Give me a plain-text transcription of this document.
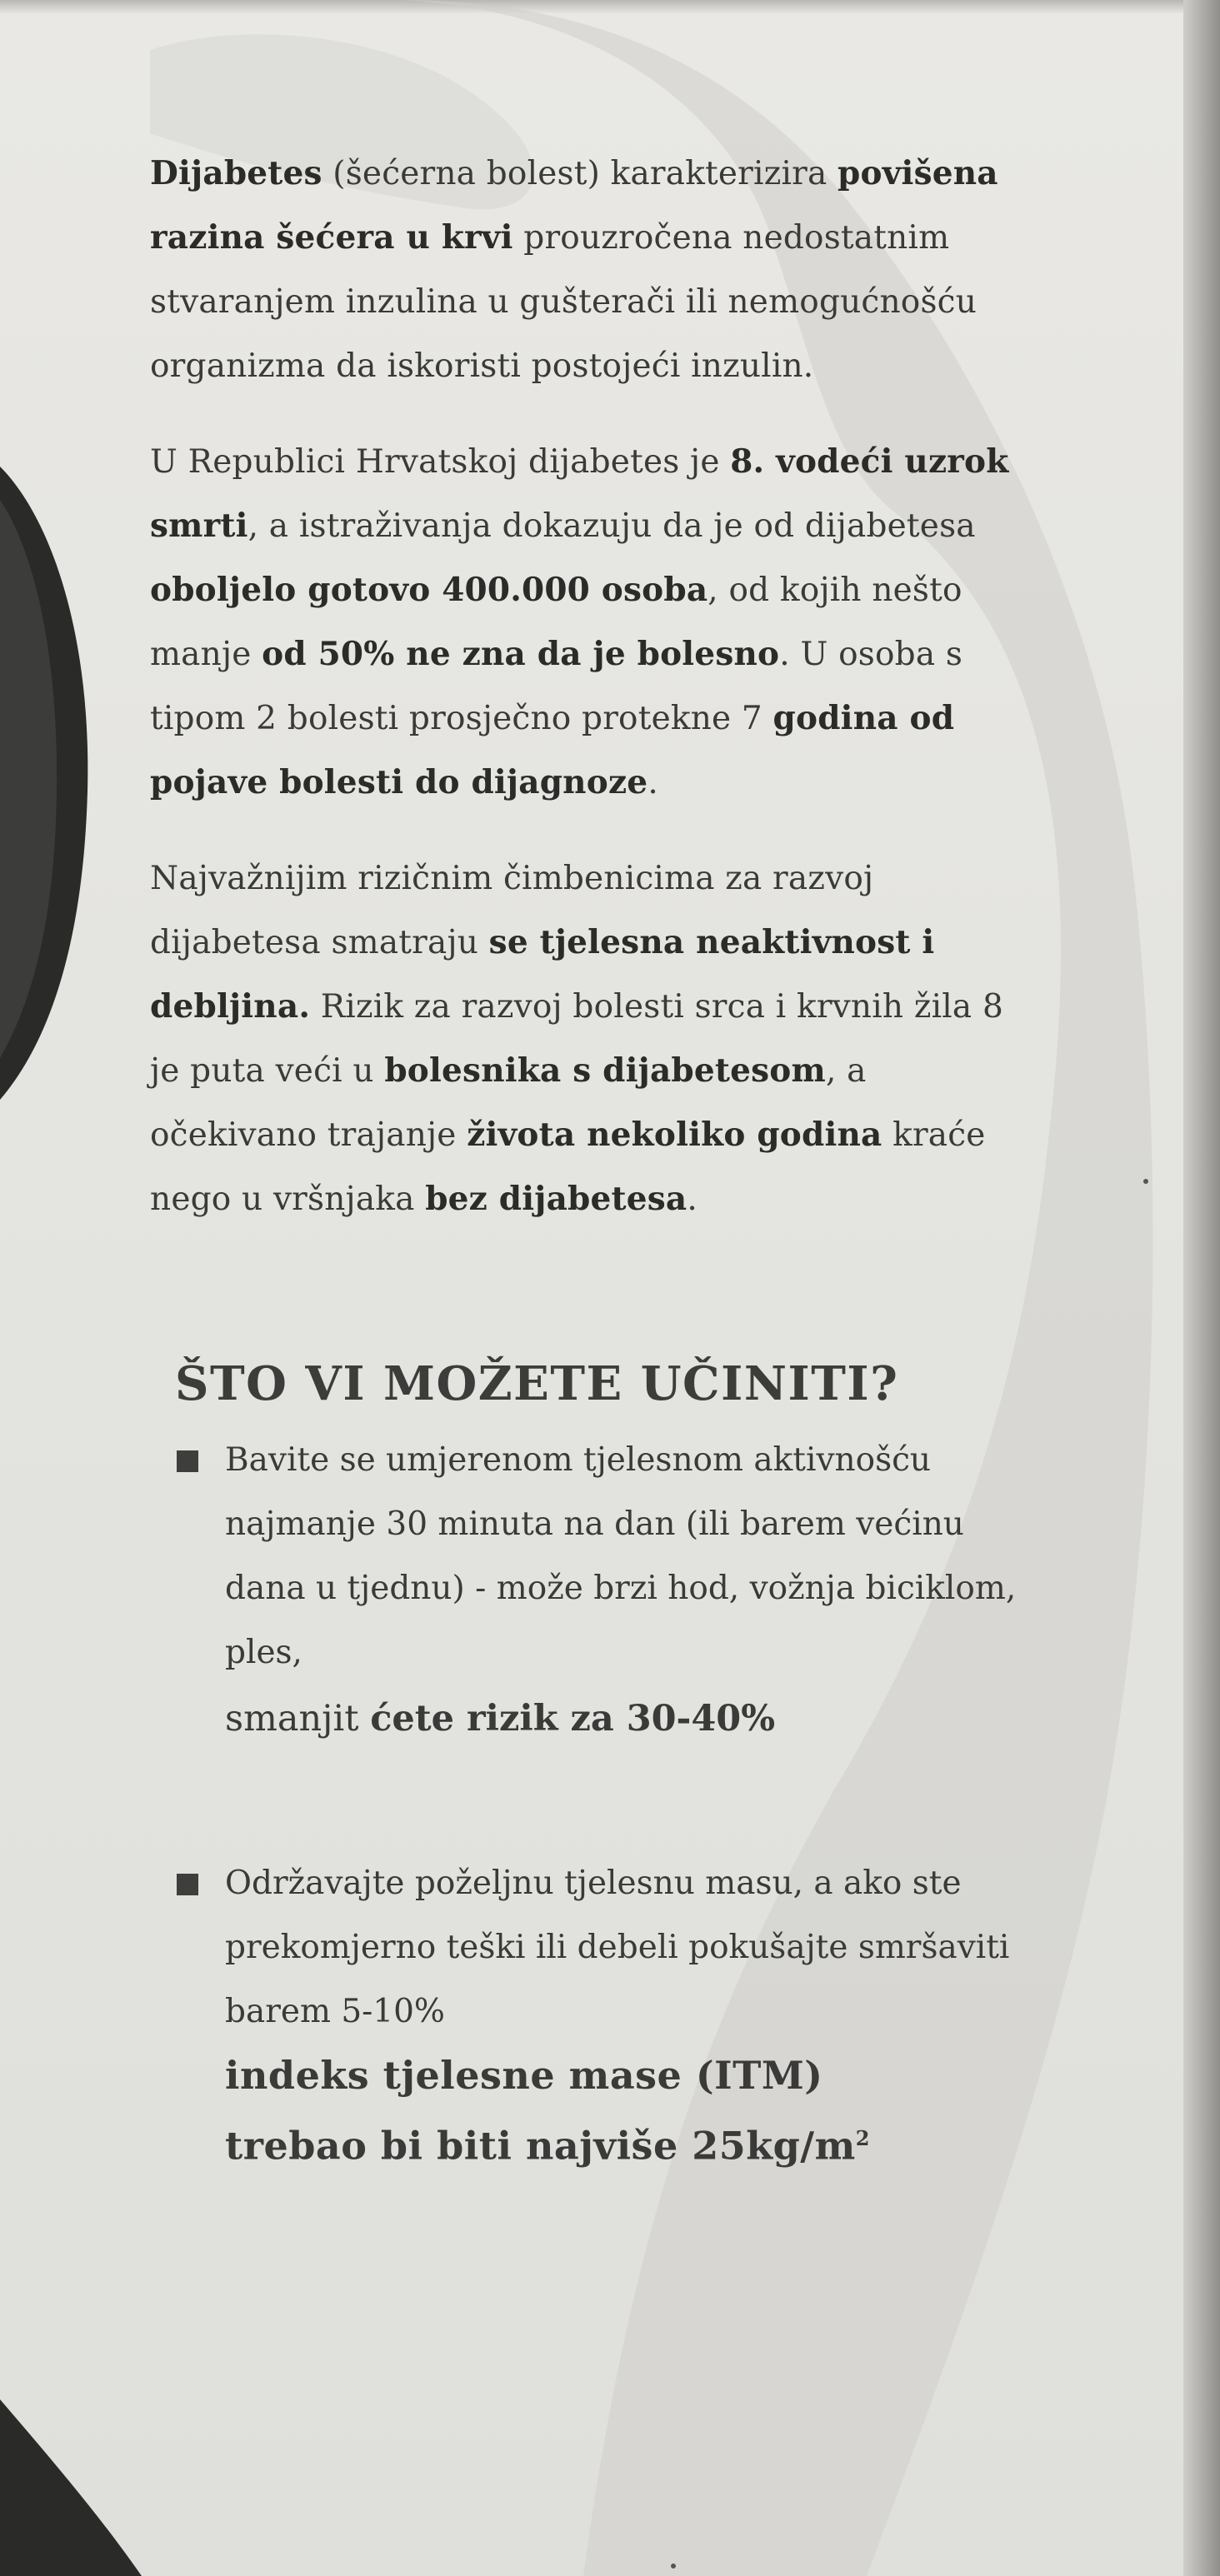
Dijabetes (šećerna bolest) karakterizira povišena razina šećera u krvi prouzročena nedostatnim stvaranjem inzulina u gušterači ili nemogućnošću organizma da iskoristi postojeći inzulin.

U Republici Hrvatskoj dijabetes je 8. vodeći uzrok smrti, a istraživanja dokazuju da je od dijabetesa oboljelo gotovo 400.000 osoba, od kojih nešto manje od 50% ne zna da je bolesno. U osoba s tipom 2 bolesti prosječno protekne 7 godina od pojave bolesti do dijagnoze.

Najvažnijim rizičnim čimbenicima za razvoj dijabetesa smatraju se tjelesna neaktivnost i debljina. Rizik za razvoj bolesti srca i krvnih žila 8 je puta veći u bolesnika s dijabetesom, a očekivano trajanje života nekoliko godina kraće nego u vršnjaka bez dijabetesa.

ŠTO VI MOŽETE UČINITI?
Bavite se umjerenom tjelesnom aktivnošću najmanje 30 minuta na dan (ili barem većinu dana u tjednu) - može brzi hod, vožnja biciklom, ples,
smanjit ćete rizik za 30-40%
Održavajte poželjnu tjelesnu masu, a ako ste prekomjerno teški ili debeli pokušajte smršaviti barem 5-10%
indeks tjelesne mase (ITM)
trebao bi biti najviše $25kg/m^2$
